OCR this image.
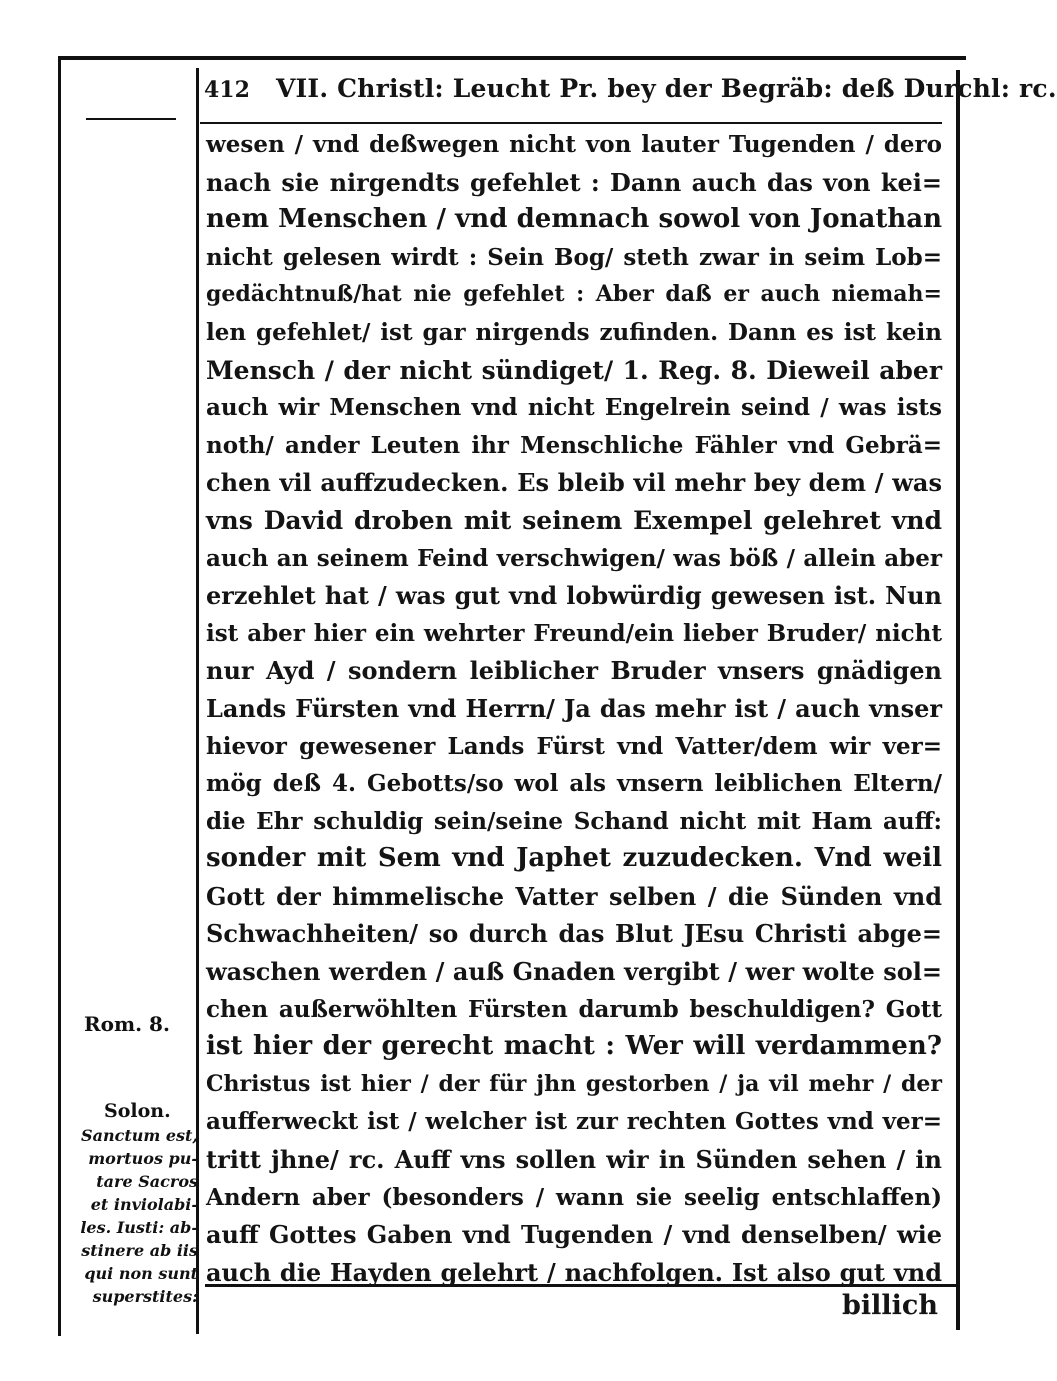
412 VII. Christl: Leucht Pr. bey der Begräb: deß Durchl: rc.
wesen / vnd deßwegen nicht von lauter Tugenden / dero
nach sie nirgendts gefehlet : Dann auch das von kei=
nem Menschen / vnd demnach sowol von Jonathan
nicht gelesen wirdt : Sein Bog/ steth zwar in seim Lob=
gedächtnuß/hat nie gefehlet : Aber daß er auch niemah=
len gefehlet/ ist gar nirgends zufinden. Dann es ist kein
Mensch / der nicht sündiget/ 1. Reg. 8. Dieweil aber
auch wir Menschen vnd nicht Engelrein seind / was ists
noth/ ander Leuten ihr Menschliche Fähler vnd Gebrä=
chen vil auffzudecken. Es bleib vil mehr bey dem / was
vns David droben mit seinem Exempel gelehret vnd
auch an seinem Feind verschwigen/ was böß / allein aber
erzehlet hat / was gut vnd lobwürdig gewesen ist. Nun
ist aber hier ein wehrter Freund/ein lieber Bruder/ nicht
nur Ayd / sondern leiblicher Bruder vnsers gnädigen
Lands Fürsten vnd Herrn/ Ja das mehr ist / auch vnser
hievor gewesener Lands Fürst vnd Vatter/dem wir ver=
mög deß 4. Gebotts/so wol als vnsern leiblichen Eltern/
die Ehr schuldig sein/seine Schand nicht mit Ham auff:
sonder mit Sem vnd Japhet zuzudecken. Vnd weil
Gott der himmelische Vatter selben / die Sünden vnd
Schwachheiten/ so durch das Blut JEsu Christi abge=
waschen werden / auß Gnaden vergibt / wer wolte sol=
chen außerwöhlten Fürsten darumb beschuldigen? Gott
ist hier der gerecht macht : Wer will verdammen?
Christus ist hier / der für jhn gestorben / ja vil mehr / der
aufferweckt ist / welcher ist zur rechten Gottes vnd ver=
tritt jhne/ rc. Auff vns sollen wir in Sünden sehen / in
Andern aber (besonders / wann sie seelig entschlaffen)
auff Gottes Gaben vnd Tugenden / vnd denselben/ wie
auch die Hayden gelehrt / nachfolgen. Ist also gut vnd
Rom. 8.
Solon.
Sanctum est,
mortuos pu-
tare Sacros
et inviolabi-
les. Iusti: ab-
stinere ab iis
qui non sunt
superstites:	billich
